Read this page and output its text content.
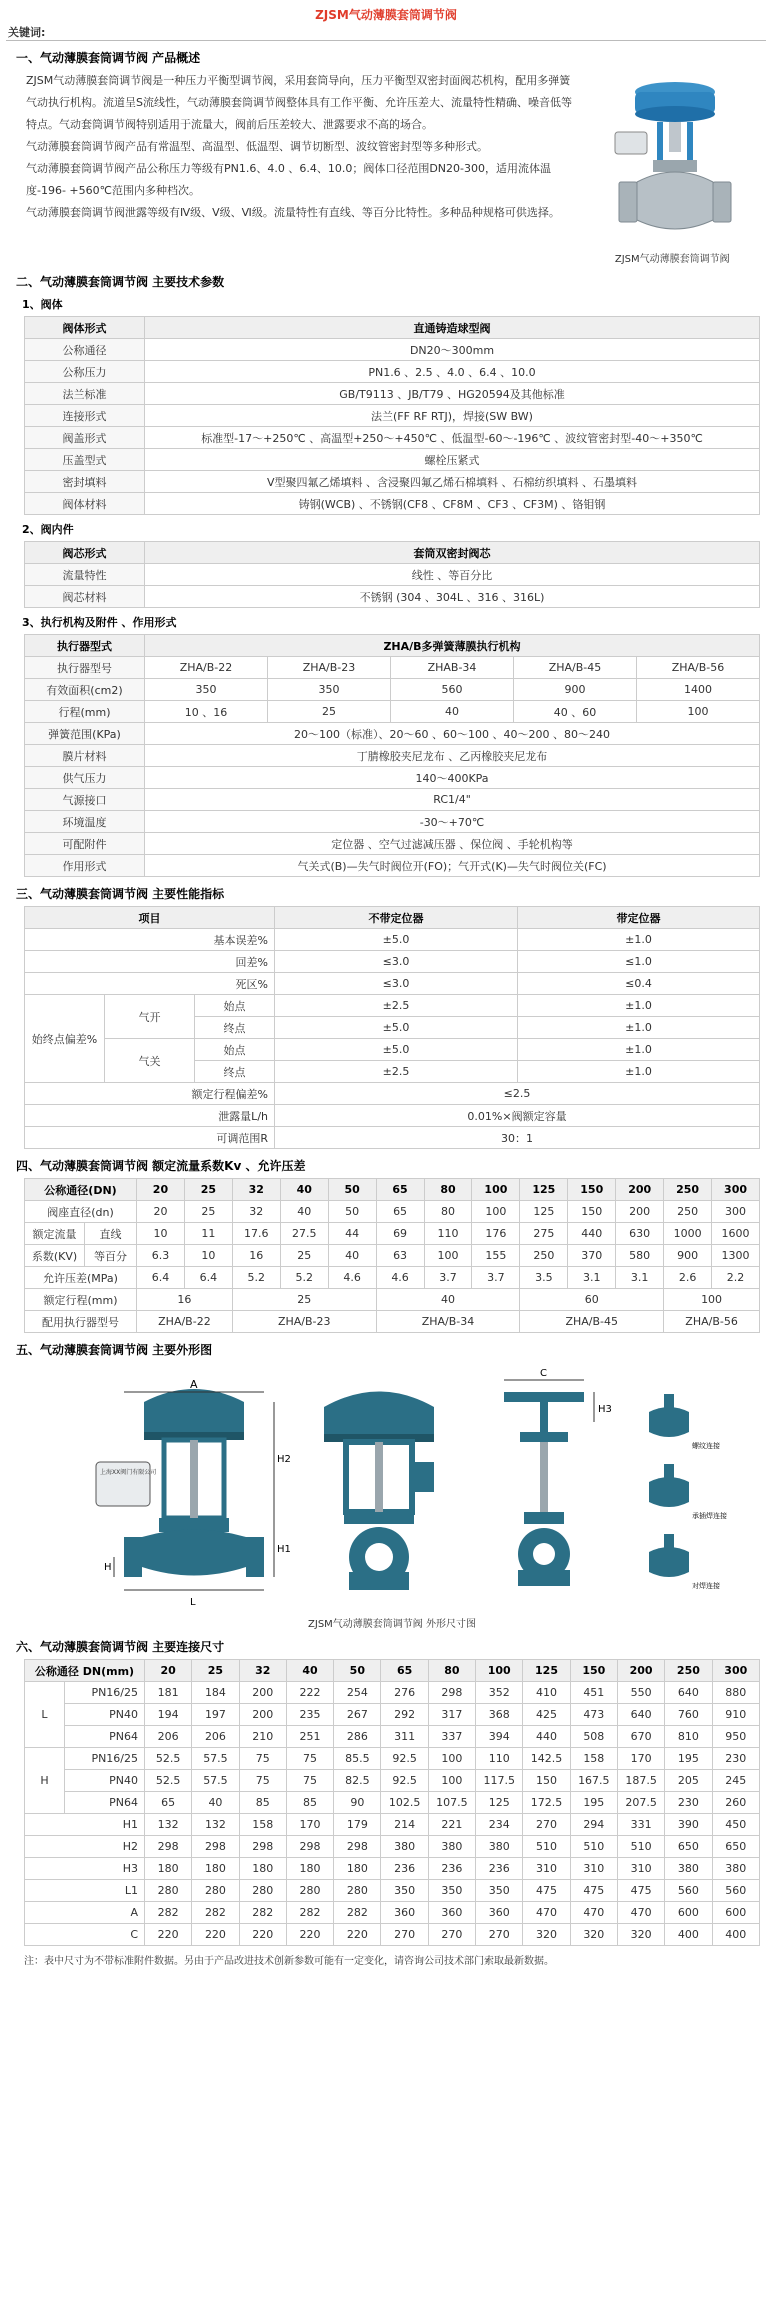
ZJSM气动薄膜套筒调节阀
关键词:
一、气动薄膜套筒调节阀 产品概述

ZJSM气动薄膜套筒调节阀是一种压力平衡型调节阀，采用套筒导向，压力平衡型双密封面阀芯机构，配用多弹簧气动执行机构。流道呈S流线性，气动薄膜套筒调节阀整体具有工作平衡、允许压差大、流量特性精确、噪音低等特点。气动套筒调节阀特别适用于流量大，阀前后压差较大、泄露要求不高的场合。

气动薄膜套筒调节阀产品有常温型、高温型、低温型、调节切断型、波纹管密封型等多种形式。

气动薄膜套筒调节阀产品公称压力等级有PN1.6、4.0 、6.4、10.0；阀体口径范围DN20-300，适用流体温度-196- +560℃范围内多种档次。

气动薄膜套筒调节阀泄露等级有Ⅳ级、Ⅴ级、Ⅵ级。流量特性有直线、等百分比特性。多种品种规格可供选择。

ZJSM气动薄膜套筒调节阀
二、气动薄膜套筒调节阀 主要技术参数
1、阀体
阀体形式	直通铸造球型阀
公称通径	DN20～300mm
公称压力	PN1.6 、2.5 、4.0 、6.4 、10.0
法兰标准	GB/T9113 、JB/T79 、HG20594及其他标准
连接形式	法兰(FF RF RTJ)，焊接(SW BW)
阀盖形式	标准型-17～+250℃ 、高温型+250～+450℃ 、低温型-60～-196℃ 、波纹管密封型-40～+350℃
压盖型式	螺栓压紧式
密封填料	V型聚四氟乙烯填料 、含浸聚四氟乙烯石棉填料 、石棉纺织填料 、石墨填料
阀体材料	铸钢(WCB) 、不锈钢(CF8 、CF8M 、CF3 、CF3M) 、铬钼钢
2、阀内件
阀芯形式	套筒双密封阀芯
流量特性	线性 、等百分比
阀芯材料	不锈钢 (304 、304L 、316 、316L)
3、执行机构及附件 、作用形式
执行器型式	ZHA/B多弹簧薄膜执行机构				
执行器型号	ZHA/B-22	ZHA/B-23	ZHAB-34	ZHA/B-45	ZHA/B-56
有效面积(cm2)	350	350	560	900	1400
行程(mm)	10 、16	25	40	40 、60	100
弹簧范围(KPa)	20～100（标准）、20～60 、60～100 、40～200 、80～240				
膜片材料	丁腈橡胶夹尼龙布 、乙丙橡胶夹尼龙布				
供气压力	140～400KPa				
气源接口	RC1/4"				
环境温度	-30～+70℃				
可配附件	定位器 、空气过滤减压器 、保位阀 、手轮机构等				
作用形式	气关式(B)—失气时阀位开(FO)；气开式(K)—失气时阀位关(FC)				
三、气动薄膜套筒调节阀 主要性能指标
项目			不带定位器	带定位器
基本误差%			±5.0	±1.0
回差%			≤3.0	≤1.0
死区%			≤3.0	≤0.4
始终点偏差%	气开	始点	±2.5	±1.0
		终点	±5.0	±1.0
	气关	始点	±5.0	±1.0
		终点	±2.5	±1.0
额定行程偏差%			≤2.5	
泄露量L/h			0.01%×阀额定容量	
可调范围R			30：1	
四、气动薄膜套筒调节阀 额定流量系数Kv 、允许压差
公称通径(DN)		20	25	32	40	50	65	80	100	125	150	200	250	300
阀座直径(dn)		20	25	32	40	50	65	80	100	125	150	200	250	300
额定流量	直线	10	11	17.6	27.5	44	69	110	176	275	440	630	1000	1600
系数(KV)	等百分	6.3	10	16	25	40	63	100	155	250	370	580	900	1300
允许压差(MPa)		6.4	6.4	5.2	5.2	4.6	4.6	3.7	3.7	3.5	3.1	3.1	2.6	2.2
额定行程(mm)		16		25			40			60			100	
配用执行器型号		ZHA/B-22		ZHA/B-23			ZHA/B-34			ZHA/B-45			ZHA/B-56	
五、气动薄膜套筒调节阀 主要外形图
上海XX阀门有限公司
A
H2
H1
H
L
C
H3
螺纹连接
承插焊连接
对焊连接
ZJSM气动薄膜套筒调节阀 外形尺寸图
六、气动薄膜套筒调节阀 主要连接尺寸
公称通径 DN(mm)		20	25	32	40	50	65	80	100	125	150	200	250	300
L	PN16/25	181	184	200	222	254	276	298	352	410	451	550	640	880
	PN40	194	197	200	235	267	292	317	368	425	473	640	760	910
	PN64	206	206	210	251	286	311	337	394	440	508	670	810	950
H	PN16/25	52.5	57.5	75	75	85.5	92.5	100	110	142.5	158	170	195	230
	PN40	52.5	57.5	75	75	82.5	92.5	100	117.5	150	167.5	187.5	205	245
	PN64	65	40	85	85	90	102.5	107.5	125	172.5	195	207.5	230	260
H1		132	132	158	170	179	214	221	234	270	294	331	390	450
H2		298	298	298	298	298	380	380	380	510	510	510	650	650
H3		180	180	180	180	180	236	236	236	310	310	310	380	380
L1		280	280	280	280	280	350	350	350	475	475	475	560	560
A		282	282	282	282	282	360	360	360	470	470	470	600	600
C		220	220	220	220	220	270	270	270	320	320	320	400	400
注：表中尺寸为不带标准附件数据。另由于产品改进技术创新参数可能有一定变化，请咨询公司技术部门索取最新数据。
